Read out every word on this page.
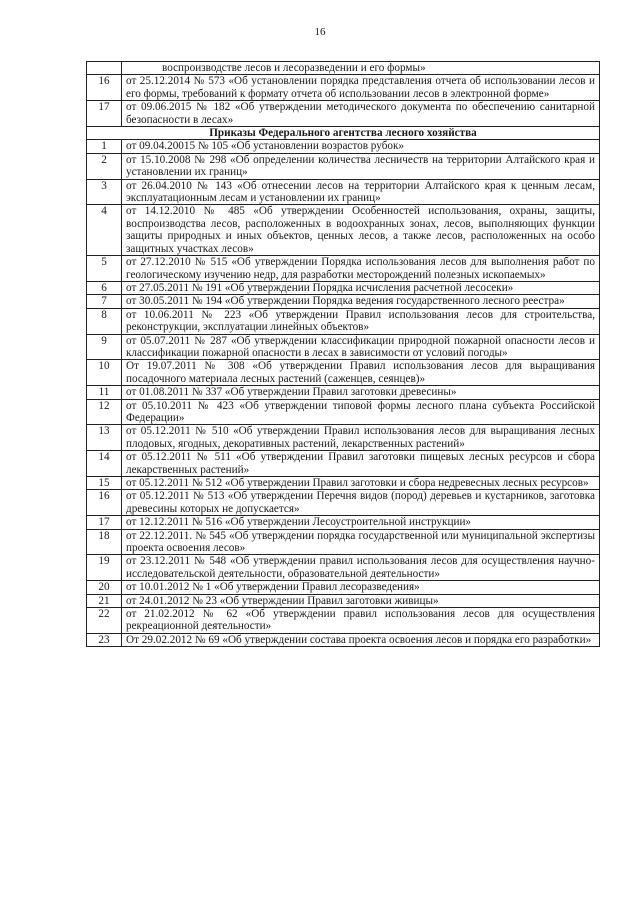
16
	воспроизводстве лесов и лесоразведении и его формы»
16	от 25.12.2014 № 573 «Об установлении порядка представления отчета об использовании лесов и его формы, требований к формату отчета об использовании лесов в электронной форме»
17	от 09.06.2015 № 182 «Об утверждении методического документа по обеспечению санитарной безопасности в лесах»
Приказы Федерального агентства лесного хозяйства	
1	от 09.04.20015 № 105 «Об установлении возрастов рубок»
2	от 15.10.2008 № 298 «Об определении количества лесничеств на территории Алтайского края и установлении их границ»
3	от 26.04.2010 № 143 «Об отнесении лесов на территории Алтайского края к ценным лесам, эксплуатационным лесам и установлении их границ»
4	от 14.12.2010 № 485 «Об утверждении Особенностей использования, охраны, защиты, воспроизводства лесов, расположенных в водоохранных зонах, лесов, выполняющих функции защиты природных и иных объектов, ценных лесов, а также лесов, расположенных на особо защитных участках лесов»
5	от 27.12.2010 № 515 «Об утверждении Порядка использования лесов для выполнения работ по геологическому изучению недр, для разработки месторождений полезных ископаемых»
6	от 27.05.2011 № 191 «Об утверждении Порядка исчисления расчетной лесосеки»
7	от 30.05.2011 № 194 «Об утверждении Порядка ведения государственного лесного реестра»
8	от 10.06.2011 № 223 «Об утверждении Правил использования лесов для строительства, реконструкции, эксплуатации линейных объектов»
9	от 05.07.2011 № 287 «Об утверждении классификации природной пожарной опасности лесов и классификации пожарной опасности в лесах в зависимости от условий погоды»
10	От 19.07.2011 № 308 «Об утверждении Правил использования лесов для выращивания посадочного материала лесных растений (саженцев, сеянцев)»
11	от 01.08.2011 № 337 «Об утверждении Правил заготовки древесины»
12	от 05.10.2011 № 423 «Об утверждении типовой формы лесного плана субъекта Российской Федерации»
13	от 05.12.2011 № 510 «Об утверждении Правил использования лесов для выращивания лесных плодовых, ягодных, декоративных растений, лекарственных растений»
14	от 05.12.2011 № 511 «Об утверждении Правил заготовки пищевых лесных ресурсов и сбора лекарственных растений»
15	от 05.12.2011 № 512 «Об утверждении Правил заготовки и сбора недревесных лесных ресурсов»
16	от 05.12.2011 № 513 «Об утверждении Перечня видов (пород) деревьев и кустарников, заготовка древесины которых не допускается»
17	от 12.12.2011 № 516 «Об утверждении Лесоустроительной инструкции»
18	от 22.12.2011. № 545 «Об утверждении порядка государственной или муниципальной экспертизы проекта освоения лесов»
19	от 23.12.2011 № 548 «Об утверждении правил использования лесов для осуществления научно-исследовательской деятельности, образовательной деятельности»
20	от 10.01.2012 № 1 «Об утверждении Правил лесоразведения»
21	от 24.01.2012 № 23 «Об утверждении Правил заготовки живицы»
22	от 21.02.2012 № 62 «Об утверждении правил использования лесов для осуществления рекреационной деятельности»
23	От 29.02.2012 № 69 «Об утверждении состава проекта освоения лесов и порядка его разработки»
